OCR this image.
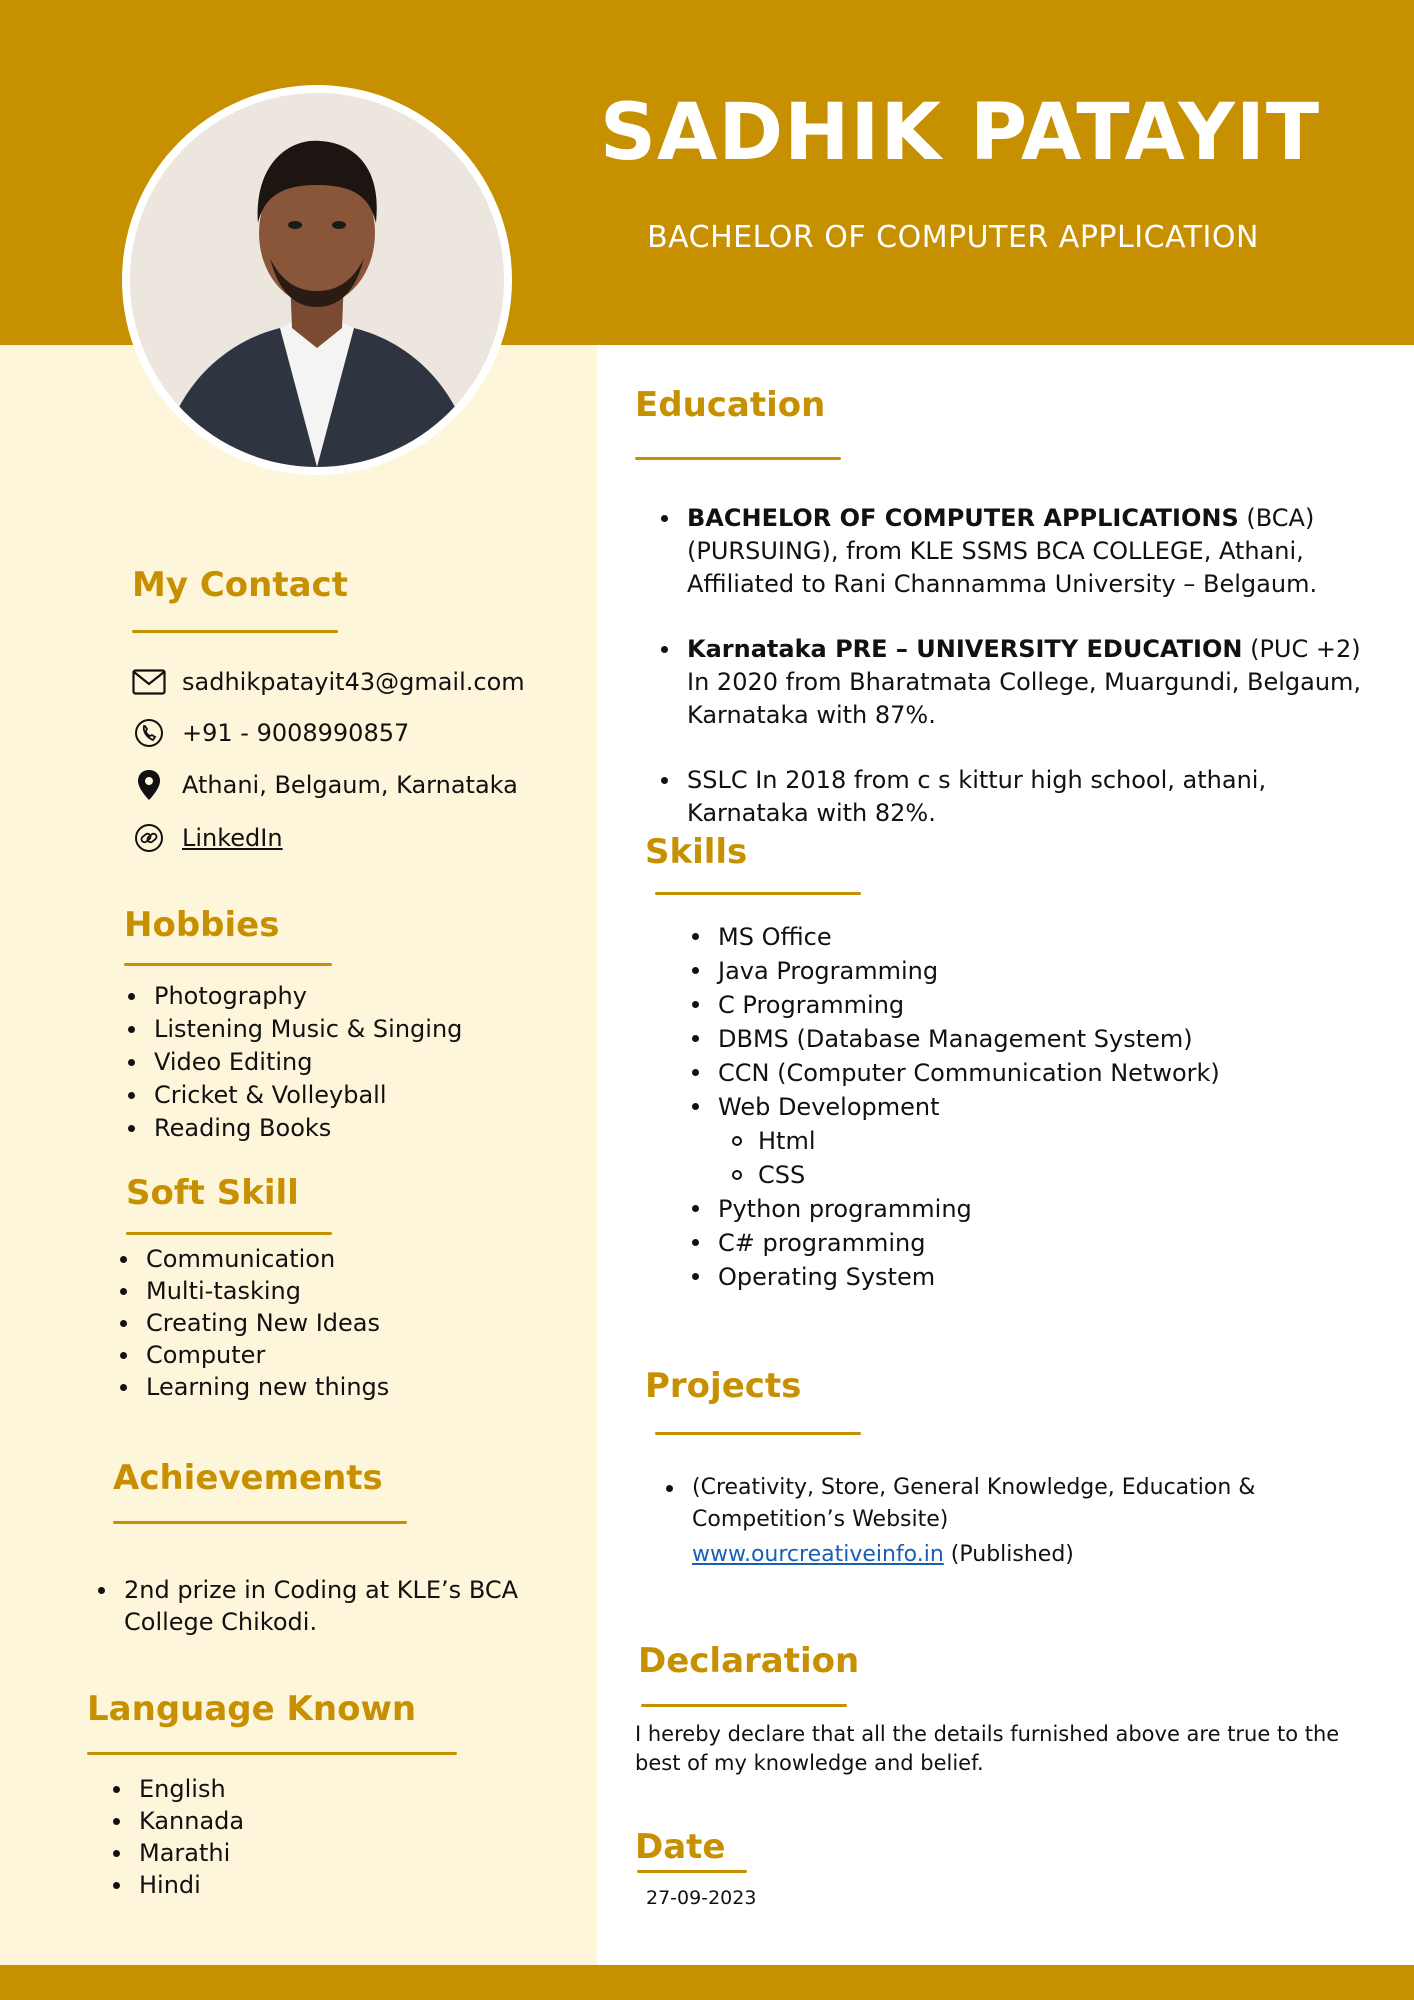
SADHIK PATAYIT
BACHELOR OF COMPUTER APPLICATION
My Contact
sadhikpatayit43@gmail.com
+91 - 9008990857
Athani, Belgaum, Karnataka
LinkedIn
Hobbies
Photography
Listening Music & Singing
Video Editing
Cricket & Volleyball
Reading Books
Soft Skill
Communication
Multi-tasking
Creating New Ideas
Computer
Learning new things
Achievements
2nd prize in Coding at KLE’s BCA College Chikodi.
Language Known
English
Kannada
Marathi
Hindi
Education
BACHELOR OF COMPUTER APPLICATIONS (BCA) (PURSUING), from KLE SSMS BCA COLLEGE, Athani, Affiliated to Rani Channamma University – Belgaum.
Karnataka PRE – UNIVERSITY EDUCATION (PUC +2) In 2020 from Bharatmata College, Muargundi, Belgaum, Karnataka with 87%.
SSLC In 2018 from c s kittur high school, athani, Karnataka with 82%.
Skills
MS Office
Java Programming
C Programming
DBMS (Database Management System)
CCN (Computer Communication Network)
Web Development
Html
CSS
Python programming
C# programming
Operating System
Projects
(Creativity, Store, General Knowledge, Education & Competition’s Website)
www.ourcreativeinfo.in (Published)
Declaration
I hereby declare that all the details furnished above are true to the best of my knowledge and belief.
Date
27-09-2023
